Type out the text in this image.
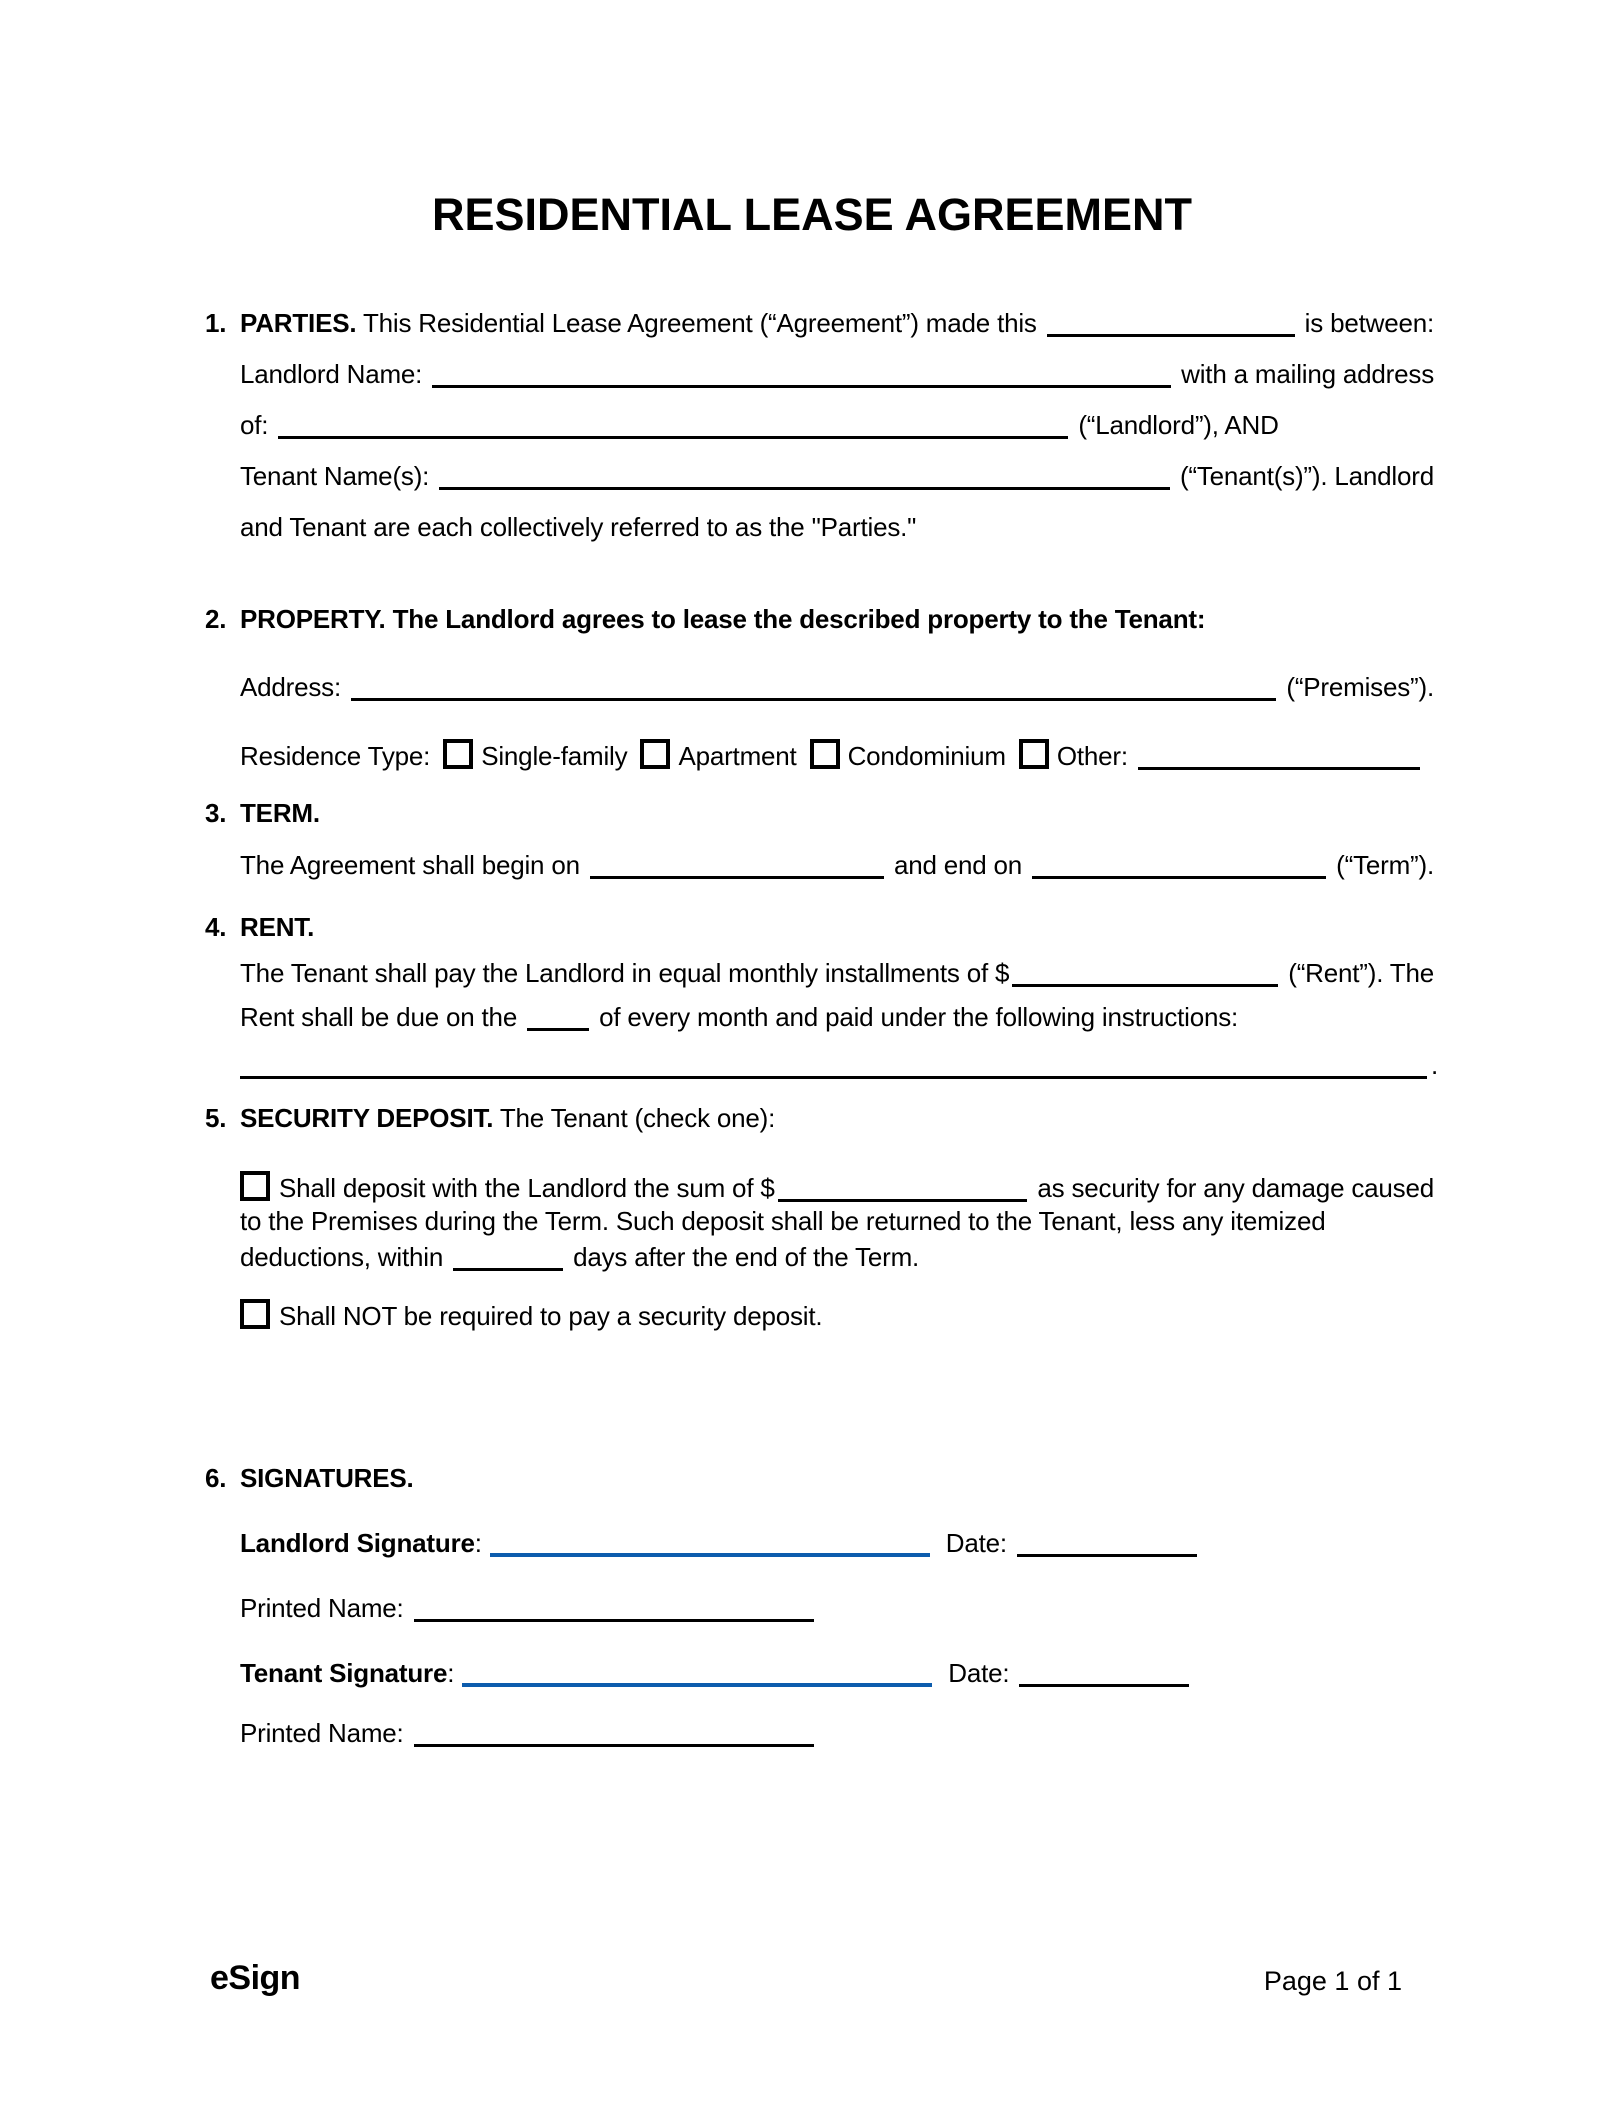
RESIDENTIAL LEASE AGREEMENT
1. PARTIES. This Residential Lease Agreement (“Agreement”) made this	is between:
Landlord Name:	with a mailing address
of:	(“Landlord”), AND
Tenant Name(s):	(“Tenant(s)”). Landlord
and Tenant are each collectively referred to as the "Parties."
2. PROPERTY. The Landlord agrees to lease the described property to the Tenant:
Address:	(“Premises”).
Residence Type: Single-family Apartment Condominium Other:
3. TERM.
The Agreement shall begin on	and end on	(“Term”).
4. RENT.
The Tenant shall pay the Landlord in equal monthly installments of $	(“Rent”). The
Rent shall be due on the	of every month and paid under the following instructions:
.
5. SECURITY DEPOSIT. The Tenant (check one):
Shall deposit with the Landlord the sum of $	as security for any damage caused
to the Premises during the Term. Such deposit shall be returned to the Tenant, less any itemized
deductions, within	days after the end of the Term.
Shall NOT be required to pay a security deposit.
6. SIGNATURES.
Landlord Signature :	Date:
Printed Name:
Tenant Signature :	Date:
Printed Name:
eSign	Page 1 of 1
